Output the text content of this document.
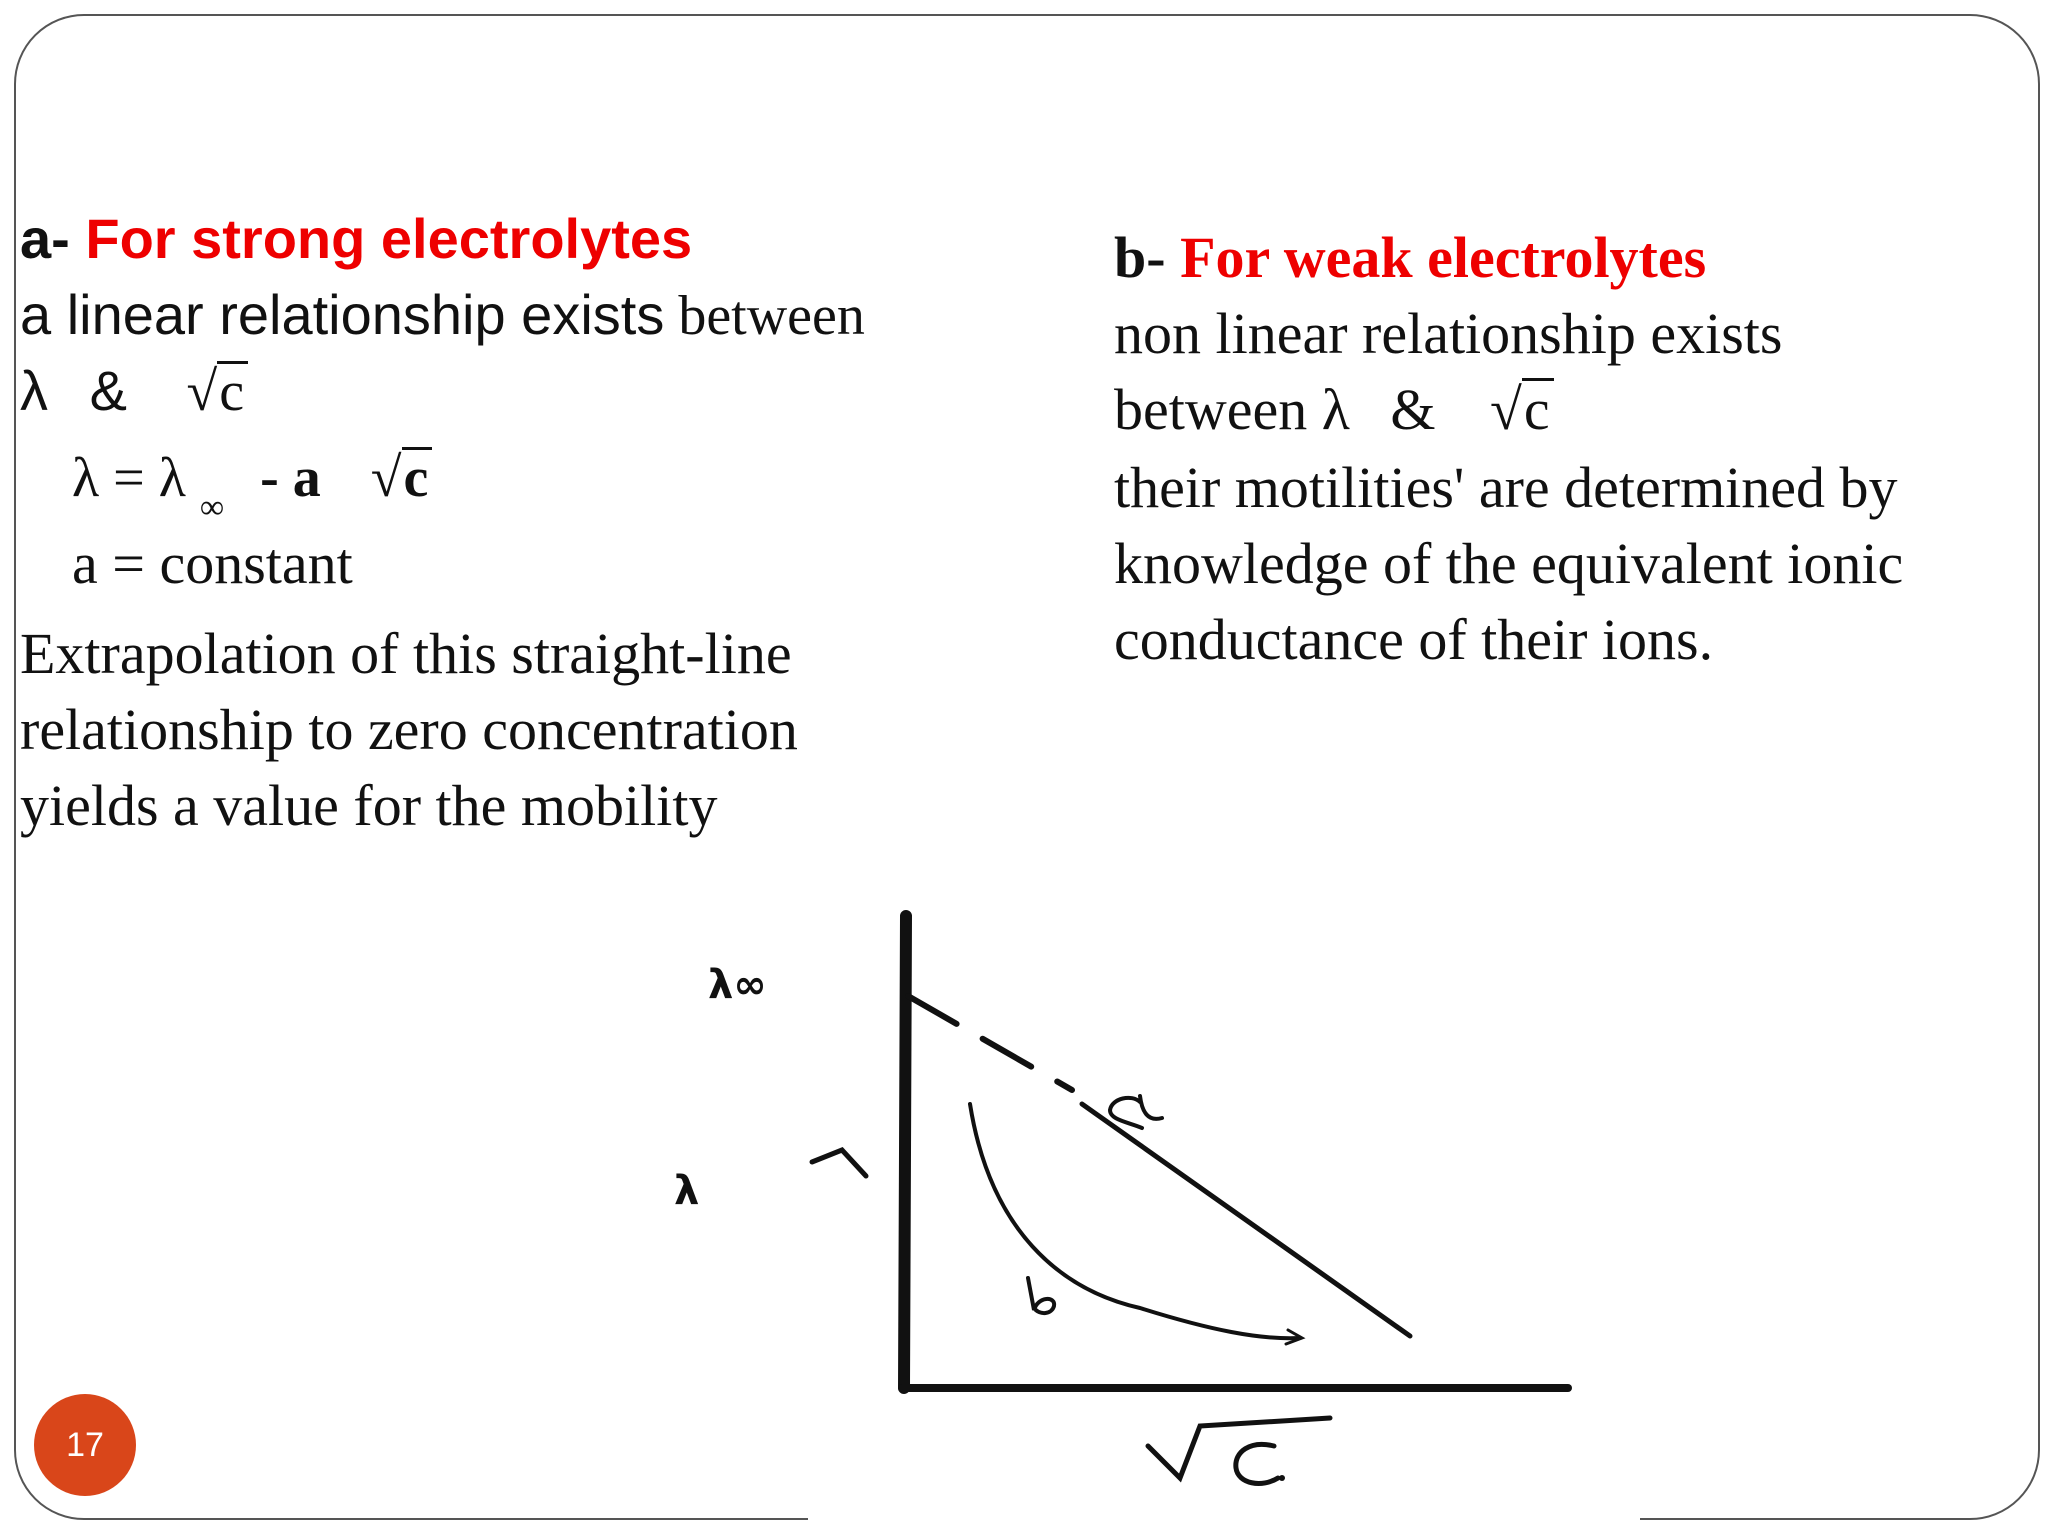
a- For strong electrolytes
a linear relationship exists between
λ & √c
λ = λ $_\infty$ - a √c
a = constant
Extrapolation of this straight-line
relationship to zero concentration
yields a value for the mobility
b- For weak electrolytes
non linear relationship exists
between λ & √c
their motilities' are determined by
knowledge of the equivalent ionic
conductance of their ions.
λ∞
λ
17
